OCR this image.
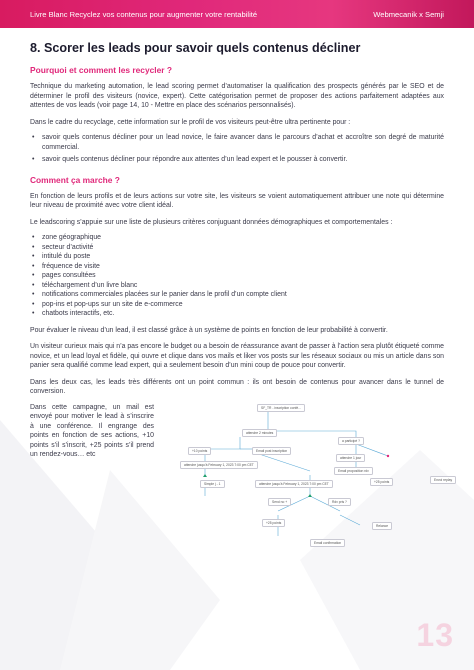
Livre Blanc Recyclez vos contenus pour augmenter votre rentabilité	Webmecanik x Semji
8. Scorer les leads pour savoir quels contenus décliner
Pourquoi et comment les recycler ?

Technique du marketing automation, le lead scoring permet d’automatiser la qualification des prospects générés par le SEO et de déterminer le profil des visiteurs (novice, expert). Cette catégorisation permet de proposer des actions parfaitement adaptées aux attentes de vos leads (voir page 14, 10 - Mettre en place des scénarios personnalisés).

Dans le cadre du recyclage, cette information sur le profil de vos visiteurs peut-être ultra pertinente pour :

• savoir quels contenus décliner pour un lead novice, le faire avancer dans le parcours d’achat et accroître son degré de maturité commercial.
• savoir quels contenus décliner pour répondre aux attentes d’un lead expert et le pousser à convertir.
Comment ça marche ?

En fonction de leurs profils et de leurs actions sur votre site, les visiteurs se voient automatiquement attribuer une note qui détermine leur niveau de proximité avec votre client idéal.

Le leadscoring s’appuie sur une liste de plusieurs critères conjuguant données démographiques et comportementales :

• zone géographique
• secteur d’activité
• intitulé du poste
• fréquence de visite
• pages consultées
• téléchargement d’un livre blanc
• notifications commerciales placées sur le panier dans le profil d’un compte client
• pop-ins et pop-ups sur un site de e-commerce
• chatbots interactifs, etc.

Pour évaluer le niveau d’un lead, il est classé grâce à un système de points en fonction de leur probabilité à convertir.

Un visiteur curieux mais qui n’a pas encore le budget ou a besoin de réassurance avant de passer à l’action sera plutôt étiqueté comme novice, et un lead loyal et fidèle, qui ouvre et clique dans vos mails et liker vos posts sur les réseaux sociaux ou mis un article dans son panier sera qualifié comme lead expert, qui a seulement besoin d’un mini coup de pouce pour convertir.

Dans les deux cas, les leads très différents ont un point commun : ils ont besoin de contenus pour avancer dans le tunnel de conversion.

Dans cette campagne, un mail est envoyé pour motiver le lead à s’inscrire à une conférence. Il engrange des points en fonction de ses actions, +10 points s’il s’inscrit, +25 points s’il prend un rendez-vous… etc
SF_TR - inscription confé...
attendre 2 minutes
a participé ?
+10 points	Email post inscription
attendre 1 jour
attendre jusqu’à February 1, 2023 7:00 pm CET
Email proposition rdv
+25 points	Envoi replay
Simple j - 1	attendre jusqu’à February 1, 2023 7:00 pm CET
Send no +	Rdv pris ?
+25 points
Relance
Email confirmation
13
